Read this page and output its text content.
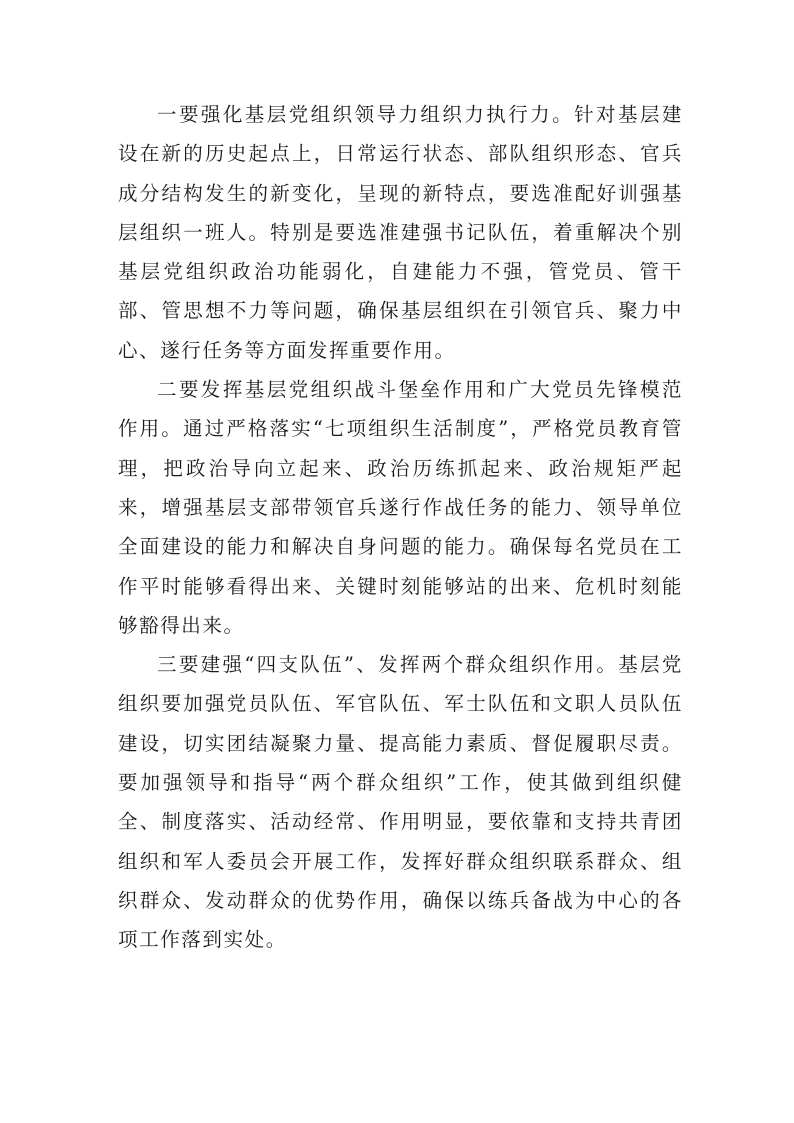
一要强化基层党组织领导力组织力执行力。针对基层建设在新的历史起点上，日常运行状态、部队组织形态、官兵成分结构发生的新变化，呈现的新特点，要选准配好训强基层组织一班人。特别是要选准建强书记队伍，着重解决个别基层党组织政治功能弱化，自建能力不强，管党员、管干部、管思想不力等问题，确保基层组织在引领官兵、聚力中心、遂行任务等方面发挥重要作用。

二要发挥基层党组织战斗堡垒作用和广大党员先锋模范作用。通过严格落实“七项组织生活制度”，严格党员教育管理，把政治导向立起来、政治历练抓起来、政治规矩严起来，增强基层支部带领官兵遂行作战任务的能力、领导单位全面建设的能力和解决自身问题的能力。确保每名党员在工作平时能够看得出来、关键时刻能够站的出来、危机时刻能够豁得出来。

三要建强“四支队伍”、发挥两个群众组织作用。基层党组织要加强党员队伍、军官队伍、军士队伍和文职人员队伍建设，切实团结凝聚力量、提高能力素质、督促履职尽责。要加强领导和指导“两个群众组织”工作，使其做到组织健全、制度落实、活动经常、作用明显，要依靠和支持共青团组织和军人委员会开展工作，发挥好群众组织联系群众、组织群众、发动群众的优势作用，确保以练兵备战为中心的各项工作落到实处。
